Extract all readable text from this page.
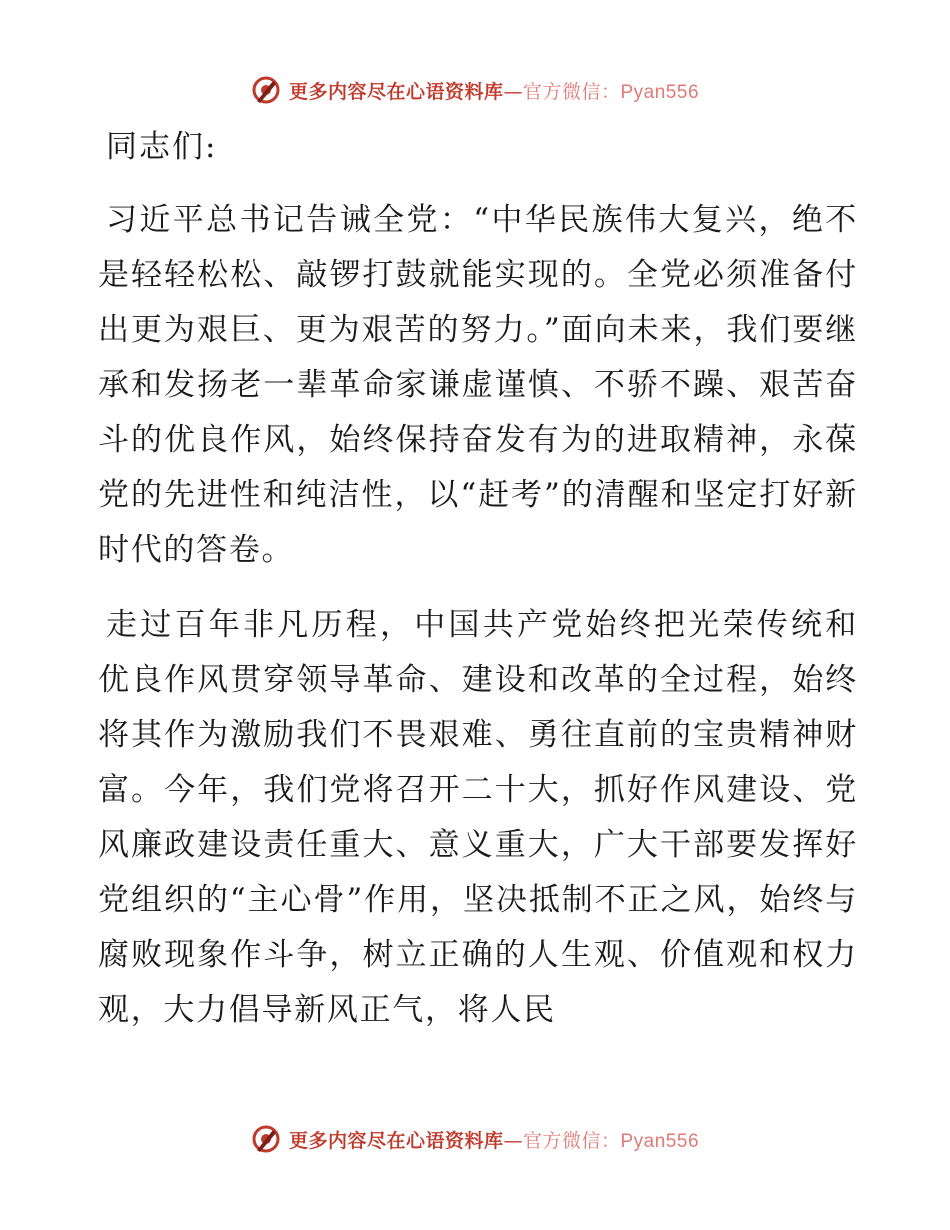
更多内容尽在心语资料库—官方微信：Pyan556

同志们:

习近平总书记告诫全党：“中华民族伟大复兴，绝不是轻轻松松、敲锣打鼓就能实现的。全党必须准备付出更为艰巨、更为艰苦的努力。”面向未来，我们要继承和发扬老一辈革命家谦虚谨慎、不骄不躁、艰苦奋斗的优良作风，始终保持奋发有为的进取精神，永葆党的先进性和纯洁性，以“赶考”的清醒和坚定打好新时代的答卷。

走过百年非凡历程，中国共产党始终把光荣传统和优良作风贯穿领导革命、建设和改革的全过程，始终将其作为激励我们不畏艰难、勇往直前的宝贵精神财富。今年，我们党将召开二十大，抓好作风建设、党风廉政建设责任重大、意义重大，广大干部要发挥好党组织的“主心骨”作用，坚决抵制不正之风，始终与腐败现象作斗争，树立正确的人生观、价值观和权力观，大力倡导新风正气，将人民

更多内容尽在心语资料库—官方微信：Pyan556
